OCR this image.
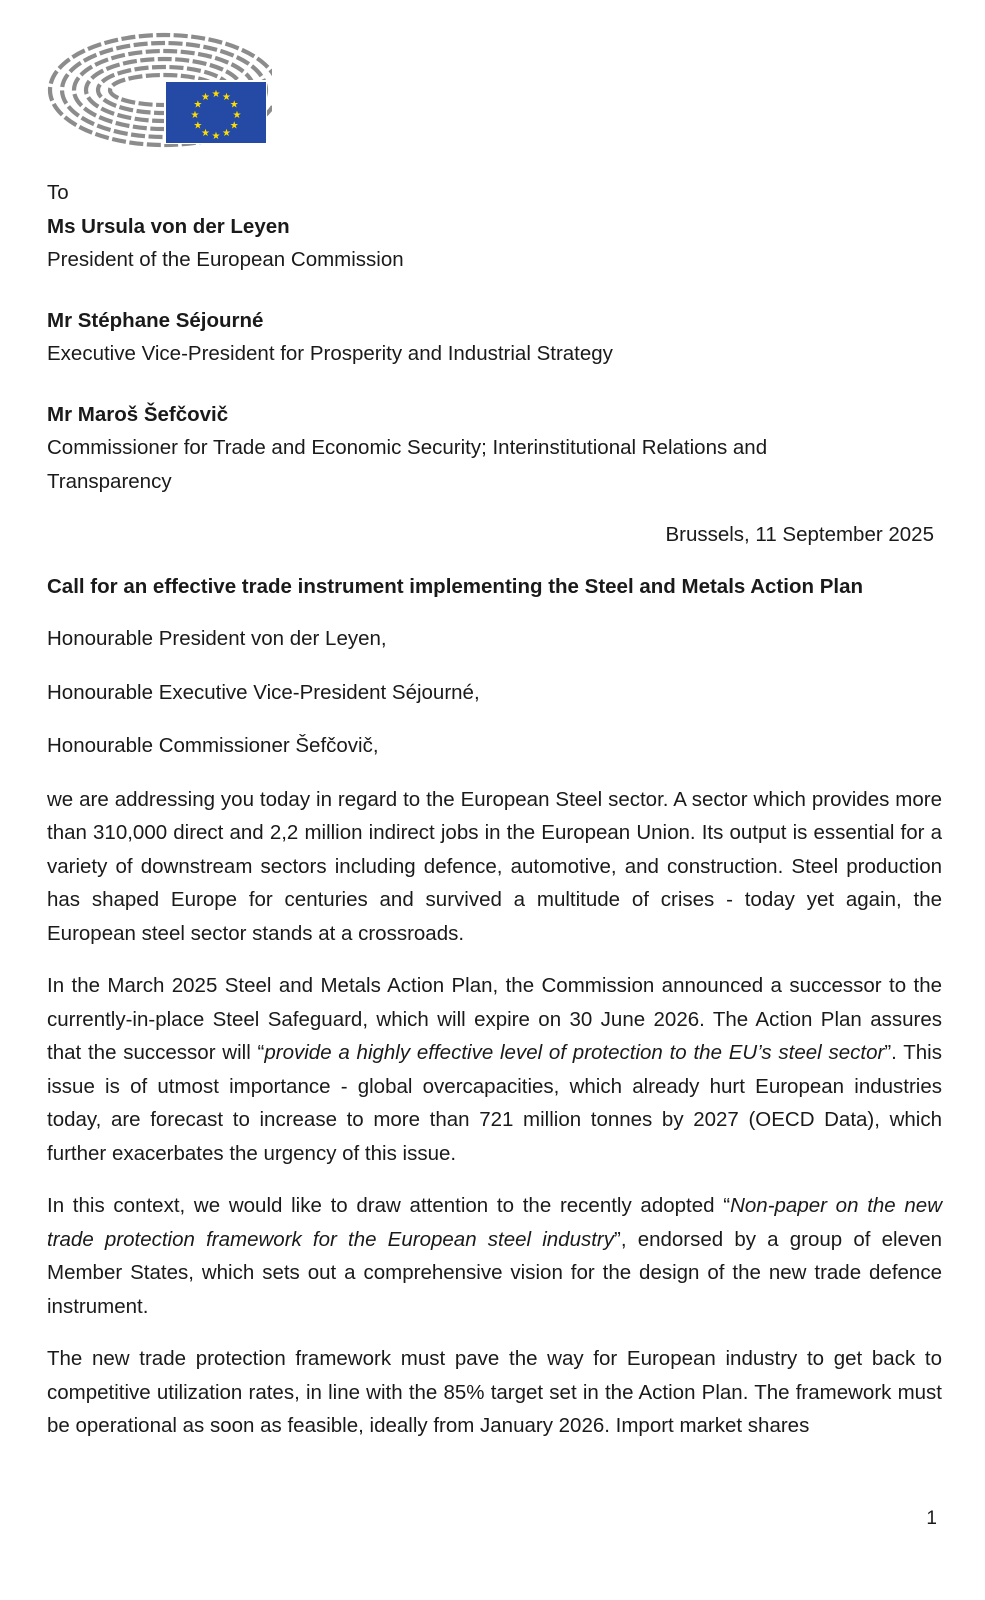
★ ★
★
★
★
★
★
★
★
★
★
★

To

Ms Ursula von der Leyen

President of the European Commission

Mr Stéphane Séjourné

Executive Vice-President for Prosperity and Industrial Strategy

Mr Maroš Šefčovič

Commissioner for Trade and Economic Security; Interinstitutional Relations and

Transparency

Brussels, 11 September 2025

Call for an effective trade instrument implementing the Steel and Metals Action Plan

Honourable President von der Leyen,

Honourable Executive Vice-President Séjourné,

Honourable Commissioner Šefčovič,

we are addressing you today in regard to the European Steel sector. A sector which provides more than 310,000 direct and 2,2 million indirect jobs in the European Union. Its output is essential for a variety of downstream sectors including defence, automotive, and construction. Steel production has shaped Europe for centuries and survived a multitude of crises - today yet again, the European steel sector stands at a crossroads.

In the March 2025 Steel and Metals Action Plan, the Commission announced a successor to the currently-in-place Steel Safeguard, which will expire on 30 June 2026. The Action Plan assures that the successor will “provide a highly effective level of protection to the EU’s steel sector”. This issue is of utmost importance - global overcapacities, which already hurt European industries today, are forecast to increase to more than 721 million tonnes by 2027 (OECD Data), which further exacerbates the urgency of this issue.

In this context, we would like to draw attention to the recently adopted “Non-paper on the new trade protection framework for the European steel industry”, endorsed by a group of eleven Member States, which sets out a comprehensive vision for the design of the new trade defence instrument.

The new trade protection framework must pave the way for European industry to get back to competitive utilization rates, in line with the 85% target set in the Action Plan. The framework must be operational as soon as feasible, ideally from January 2026. Import market shares

1
